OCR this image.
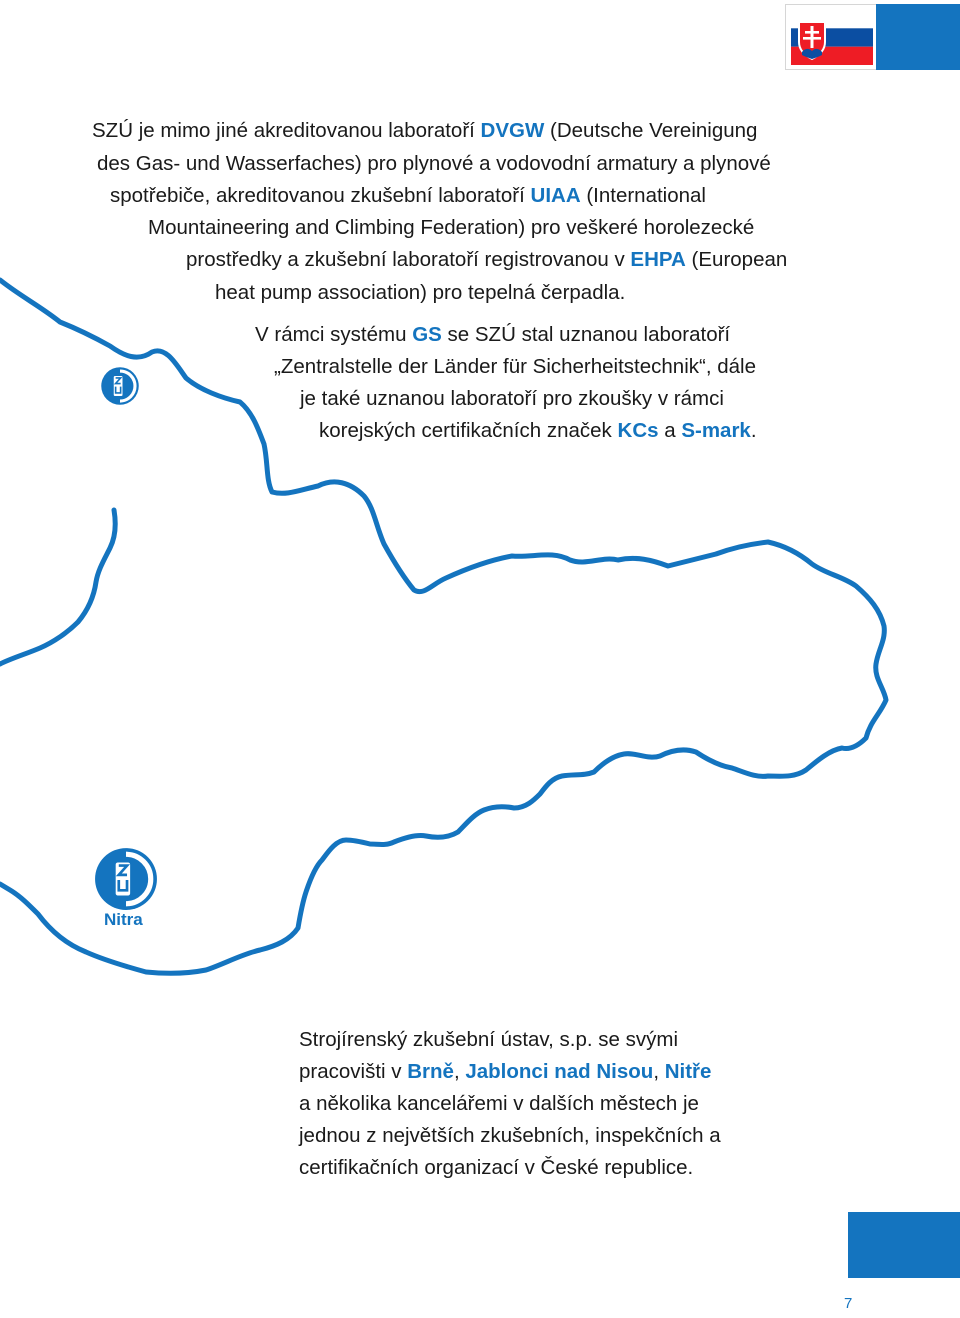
SZÚ je mimo jiné akreditovanou laboratoří DVGW (Deutsche Vereinigung
des Gas- und Wasserfaches) pro plynové a vodovodní armatury a plynové
spotřebiče, akreditovanou zkušební laboratoří UIAA (International
Mountaineering and Climbing Federation) pro veškeré horolezecké
prostředky a zkušební laboratoří registrovanou v EHPA (European
heat pump association) pro tepelná čerpadla.
V rámci systému GS se SZÚ stal uznanou laboratoří
„Zentralstelle der Länder für Sicherheitstechnik“, dále
je také uznanou laboratoří pro zkoušky v rámci
korejských certifikačních značek KCs a S-mark.
Strojírenský zkušební ústav, s.p. se svými
pracovišti v Brně, Jablonci nad Nisou, Nitře
a několika kancelářemi v dalších městech je
jednou z největších zkušebních, inspekčních a
certifikačních organizací v České republice.
Nitra
7
